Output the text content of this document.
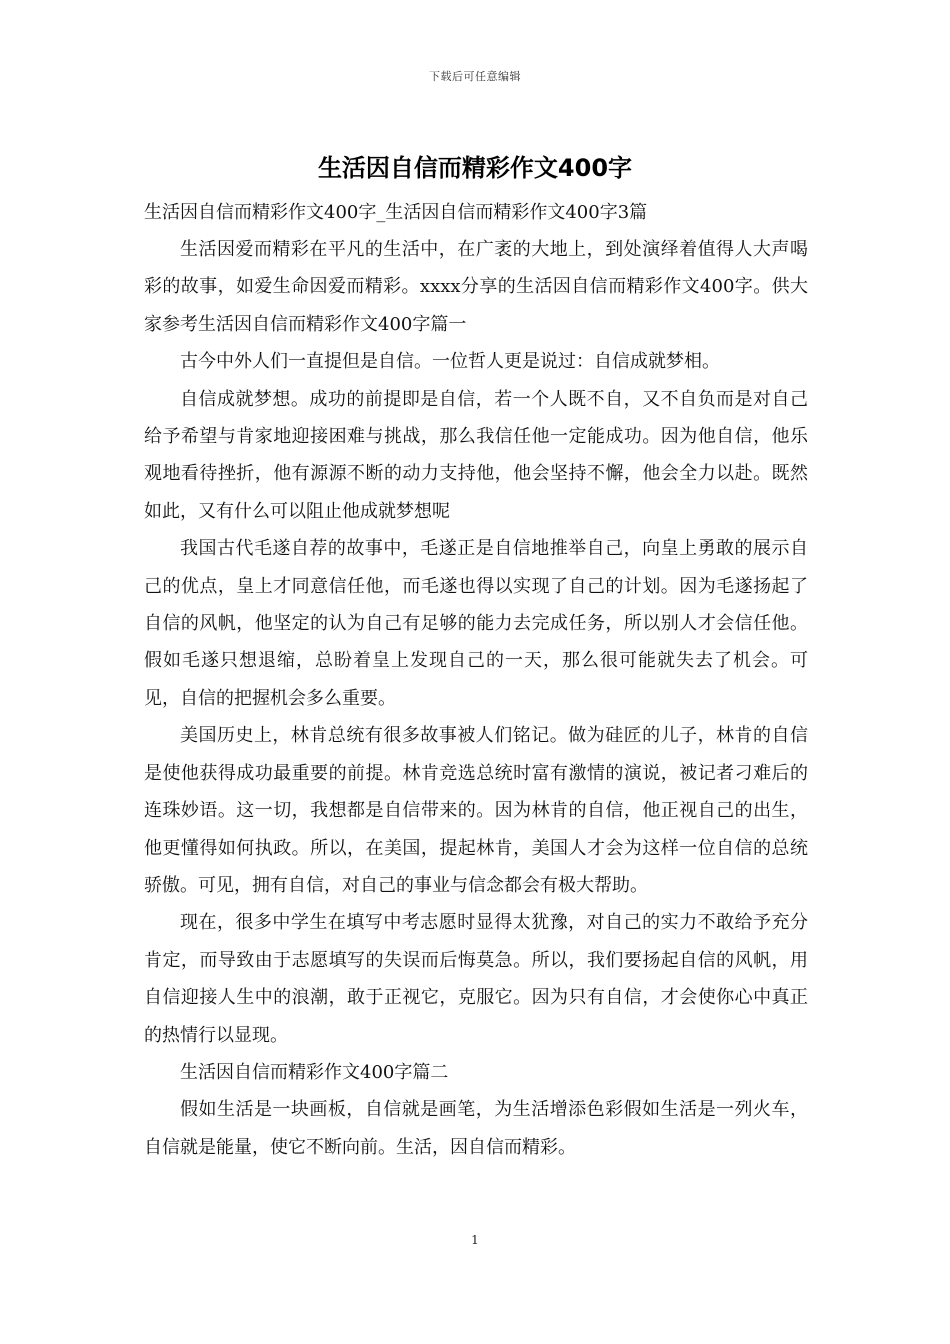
下载后可任意编辑
生活因自信而精彩作文400字

生活因自信而精彩作文400字_生活因自信而精彩作文400字3篇

生活因爱而精彩在平凡的生活中，在广袤的大地上，到处演绎着值得人大声喝彩的故事，如爱生命因爱而精彩。xxxx分享的生活因自信而精彩作文400字。供大家参考生活因自信而精彩作文400字篇一

古今中外人们一直提但是自信。一位哲人更是说过：自信成就梦相。

自信成就梦想。成功的前提即是自信，若一个人既不自，又不自负而是对自己给予希望与肯家地迎接困难与挑战，那么我信任他一定能成功。因为他自信，他乐观地看待挫折，他有源源不断的动力支持他，他会坚持不懈，他会全力以赴。既然如此，又有什么可以阻止他成就梦想呢

我国古代毛遂自荐的故事中，毛遂正是自信地推举自己，向皇上勇敢的展示自己的优点，皇上才同意信任他，而毛遂也得以实现了自己的计划。因为毛遂扬起了自信的风帆，他坚定的认为自己有足够的能力去完成任务，所以别人才会信任他。假如毛遂只想退缩，总盼着皇上发现自己的一天，那么很可能就失去了机会。可见，自信的把握机会多么重要。

美国历史上，林肯总统有很多故事被人们铭记。做为硅匠的儿子，林肯的自信是使他获得成功最重要的前提。林肯竞选总统时富有激情的演说，被记者刁难后的连珠妙语。这一切，我想都是自信带来的。因为林肯的自信，他正视自己的出生，他更懂得如何执政。所以，在美国，提起林肯，美国人才会为这样一位自信的总统骄傲。可见，拥有自信，对自己的事业与信念都会有极大帮助。

现在，很多中学生在填写中考志愿时显得太犹豫，对自己的实力不敢给予充分肯定，而导致由于志愿填写的失误而后悔莫急。所以，我们要扬起自信的风帆，用自信迎接人生中的浪潮，敢于正视它，克服它。因为只有自信，才会使你心中真正的热情行以显现。

生活因自信而精彩作文400字篇二

假如生活是一块画板，自信就是画笔，为生活增添色彩假如生活是一列火车，自信就是能量，使它不断向前。生活，因自信而精彩。

1
